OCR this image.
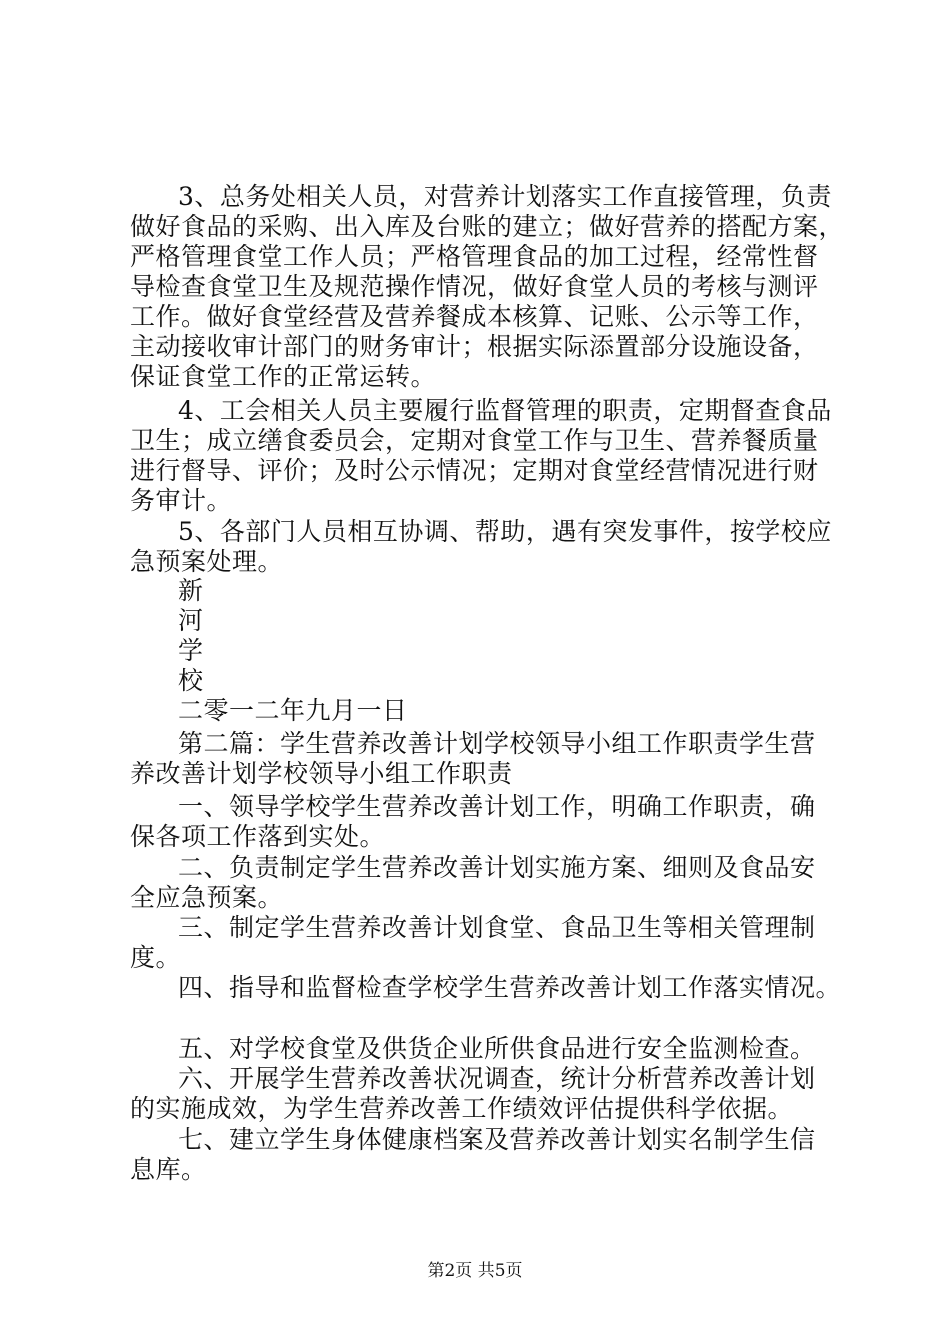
3、总务处相关人员，对营养计划落实工作直接管理，负责
做好食品的采购、出入库及台账的建立；做好营养的搭配方案，
严格管理食堂工作人员；严格管理食品的加工过程，经常性督
导检查食堂卫生及规范操作情况，做好食堂人员的考核与测评
工作。做好食堂经营及营养餐成本核算、记账、公示等工作，
主动接收审计部门的财务审计；根据实际添置部分设施设备，
保证食堂工作的正常运转。
4、工会相关人员主要履行监督管理的职责，定期督查食品
卫生；成立缮食委员会，定期对食堂工作与卫生、营养餐质量
进行督导、评价；及时公示情况；定期对食堂经营情况进行财
务审计。
5、各部门人员相互协调、帮助，遇有突发事件，按学校应
急预案处理。
新
河
学
校
二零一二年九月一日
第二篇：学生营养改善计划学校领导小组工作职责学生营
养改善计划学校领导小组工作职责
一、领导学校学生营养改善计划工作，明确工作职责，确
保各项工作落到实处。
二、负责制定学生营养改善计划实施方案、细则及食品安
全应急预案。
三、制定学生营养改善计划食堂、食品卫生等相关管理制
度。
四、指导和监督检查学校学生营养改善计划工作落实情况。
五、对学校食堂及供货企业所供食品进行安全监测检查。
六、开展学生营养改善状况调查，统计分析营养改善计划
的实施成效，为学生营养改善工作绩效评估提供科学依据。
七、建立学生身体健康档案及营养改善计划实名制学生信
息库。
第2页 共5页
